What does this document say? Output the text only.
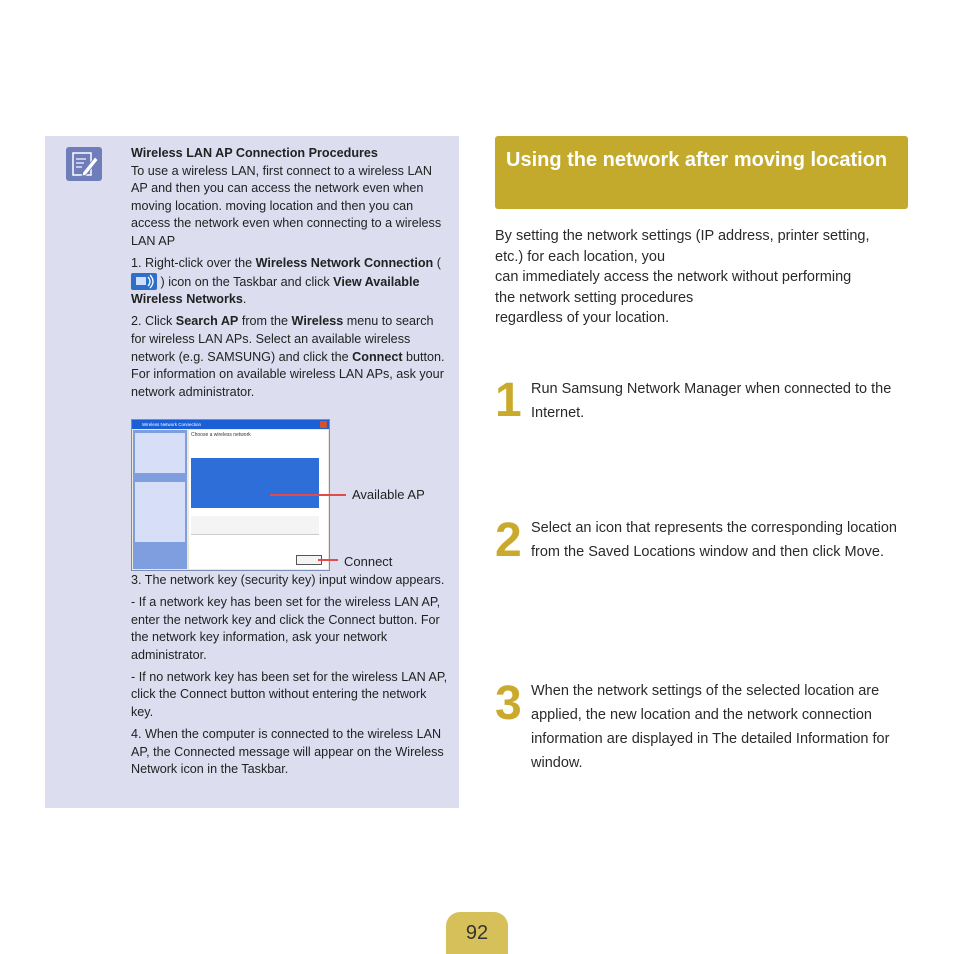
Wireless LAN AP Connection Procedures
To use a wireless LAN, first connect to a wireless LAN AP and then you can access the network even when moving location. moving location and then you can access the network even when connecting to a wireless LAN AP

1. Right-click over the Wireless Network Connection (  ) icon on the Taskbar and click View Available Wireless Networks.

2. Click Search AP from the Wireless menu to search for wireless LAN APs. Select an available wireless network (e.g. SAMSUNG) and click the Connect button. For information on available wireless LAN APs, ask your network administrator.

3. The network key (security key) input window appears.

- If a network key has been set for the wireless LAN AP, enter the network key and click the Connect button. For the network key information, ask your network administrator.

- If no network key has been set for the wireless LAN AP, click the Connect button without entering the network key.

4. When the computer is connected to the wireless LAN AP, the Connected message will appear on the Wireless Network icon in the Taskbar.

Wireless Network Connection
Choose a wireless network
Available AP
Connect
Using the network after moving location
By setting the network settings (IP address, printer setting,
etc.) for each location, you
can immediately access the network without performing
the network setting procedures
regardless of your location.
1 Run Samsung Network Manager when connected to the Internet.
2 Select an icon that represents the corresponding location from the Saved Locations window and then click Move.
3 When the network settings of the selected location are applied, the new location and the network connection information are displayed in The detailed Information for window.
92
